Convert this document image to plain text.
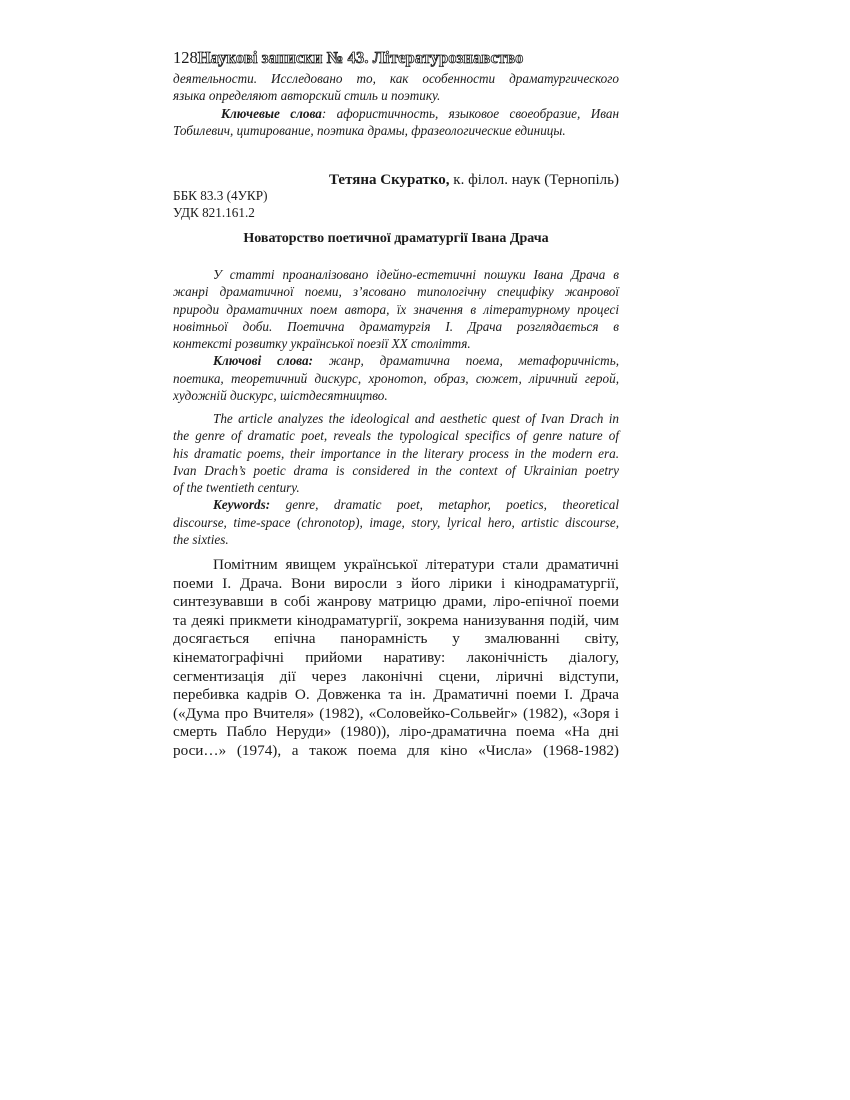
128Наукові записки № 43. Літературознавство
деятельности. Исследовано то, как особенности драматургического
языка определяют авторский стиль и поэтику.
Ключевые слова: афористичность, языковое своеобразие, Иван
Тобилевич, цитирование, поэтика драмы, фразеологические единицы.
Тетяна Скуратко, к. філол. наук (Тернопіль)
ББК 83.3 (4УКР)
УДК 821.161.2
Новаторство поетичної драматургії Івана Драча
У статті проаналізовано ідейно-естетичні пошуки Івана Драча в
жанрі драматичної поеми, з’ясовано типологічну специфіку жанрової
природи драматичних поем автора, їх значення в літературному процесі
новітньої доби. Поетична драматургія І. Драча розглядається в
контексті розвитку української поезії ХХ століття.
Ключові слова: жанр, драматична поема, метафоричність,
поетика, теоретичний дискурс, хронотоп, образ, сюжет, ліричний герой,
художній дискурс, шістдесятництво.
The article analyzes the ideological and aesthetic quest of Ivan Drach in
the genre of dramatic poet, reveals the typological specifics of genre nature of
his dramatic poems, their importance in the literary process in the modern era.
Ivan Drach’s poetic drama is considered in the context of Ukrainian poetry
of the twentieth century.
Keywords: genre, dramatic poet, metaphor, poetics, theoretical
discourse, time-space (chronotop), image, story, lyrical hero, artistic discourse,
the sixties.
Помітним явищем української літератури стали драматичні
поеми І. Драча. Вони виросли з його лірики і кінодраматургії,
синтезувавши в собі жанрову матрицю драми, ліро-епічної поеми
та деякі прикмети кінодраматургії, зокрема нанизування подій, чим
досягається епічна панорамність у змалюванні світу,
кінематографічні прийоми наративу: лаконічність діалогу,
сегментизація дії через лаконічні сцени, ліричні відступи,
перебивка кадрів О. Довженка та ін. Драматичні поеми І. Драча
(«Дума про Вчителя» (1982), «Соловейко-Сольвейг» (1982), «Зоря і
смерть Пабло Неруди» (1980)), ліро-драматична поема «На дні
роси…» (1974), а також поема для кіно «Числа» (1968-1982)
